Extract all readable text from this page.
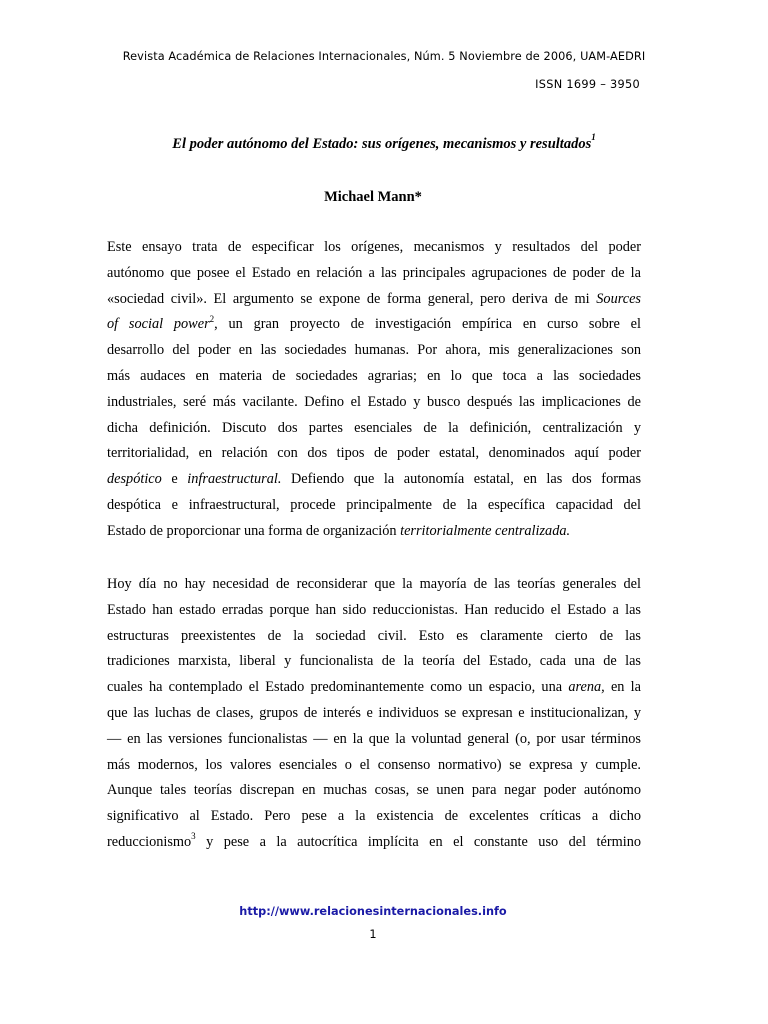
Revista Académica de Relaciones Internacionales, Núm. 5 Noviembre de 2006, UAM-AEDRI
ISSN 1699 – 3950
El poder autónomo del Estado: sus orígenes, mecanismos y resultados$^1$
Michael Mann*
Este ensayo trata de especificar los orígenes, mecanismos y resultados del poder
autónomo que posee el Estado en relación a las principales agrupaciones de poder de la
«sociedad civil». El argumento se expone de forma general, pero deriva de mi Sources
of social power$^2$, un gran proyecto de investigación empírica en curso sobre el
desarrollo del poder en las sociedades humanas. Por ahora, mis generalizaciones son
más audaces en materia de sociedades agrarias; en lo que toca a las sociedades
industriales, seré más vacilante. Defino el Estado y busco después las implicaciones de
dicha definición. Discuto dos partes esenciales de la definición, centralización y
territorialidad, en relación con dos tipos de poder estatal, denominados aquí poder
despótico e infraestructural. Defiendo que la autonomía estatal, en las dos formas
despótica e infraestructural, procede principalmente de la específica capacidad del
Estado de proporcionar una forma de organización territorialmente centralizada.
Hoy día no hay necesidad de reconsiderar que la mayoría de las teorías generales del
Estado han estado erradas porque han sido reduccionistas. Han reducido el Estado a las
estructuras preexistentes de la sociedad civil. Esto es claramente cierto de las
tradiciones marxista, liberal y funcionalista de la teoría del Estado, cada una de las
cuales ha contemplado el Estado predominantemente como un espacio, una arena, en la
que las luchas de clases, grupos de interés e individuos se expresan e institucionalizan, y
— en las versiones funcionalistas — en la que la voluntad general (o, por usar términos
más modernos, los valores esenciales o el consenso normativo) se expresa y cumple.
Aunque tales teorías discrepan en muchas cosas, se unen para negar poder autónomo
significativo al Estado. Pero pese a la existencia de excelentes críticas a dicho
reduccionismo$^3$ y pese a la autocrítica implícita en el constante uso del término
http://www.relacionesinternacionales.info
1
